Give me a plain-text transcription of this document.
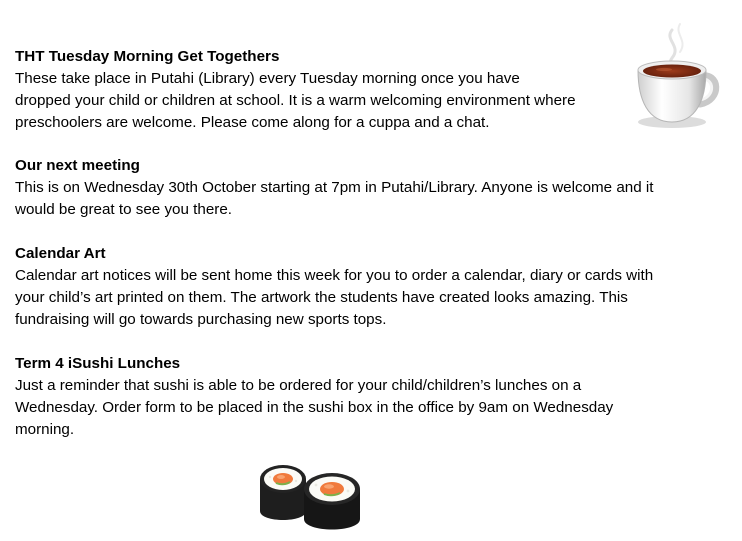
THT Tuesday Morning Get Togethers

These take place in Putahi (Library) every Tuesday morning once you have

dropped your child or children at school. It is a warm welcoming environment where

preschoolers are welcome. Please come along for a cuppa and a chat.

Our next meeting

This is on Wednesday 30th October starting at 7pm in Putahi/Library. Anyone is welcome and it

would be great to see you there.

Calendar Art

Calendar art notices will be sent home this week for you to order a calendar, diary or cards with

your child’s art printed on them. The artwork the students have created looks amazing. This

fundraising will go towards purchasing new sports tops.

Term 4 iSushi Lunches

Just a reminder that sushi is able to be ordered for your child/children’s lunches on a

Wednesday. Order form to be placed in the sushi box in the office by 9am on Wednesday

morning.
